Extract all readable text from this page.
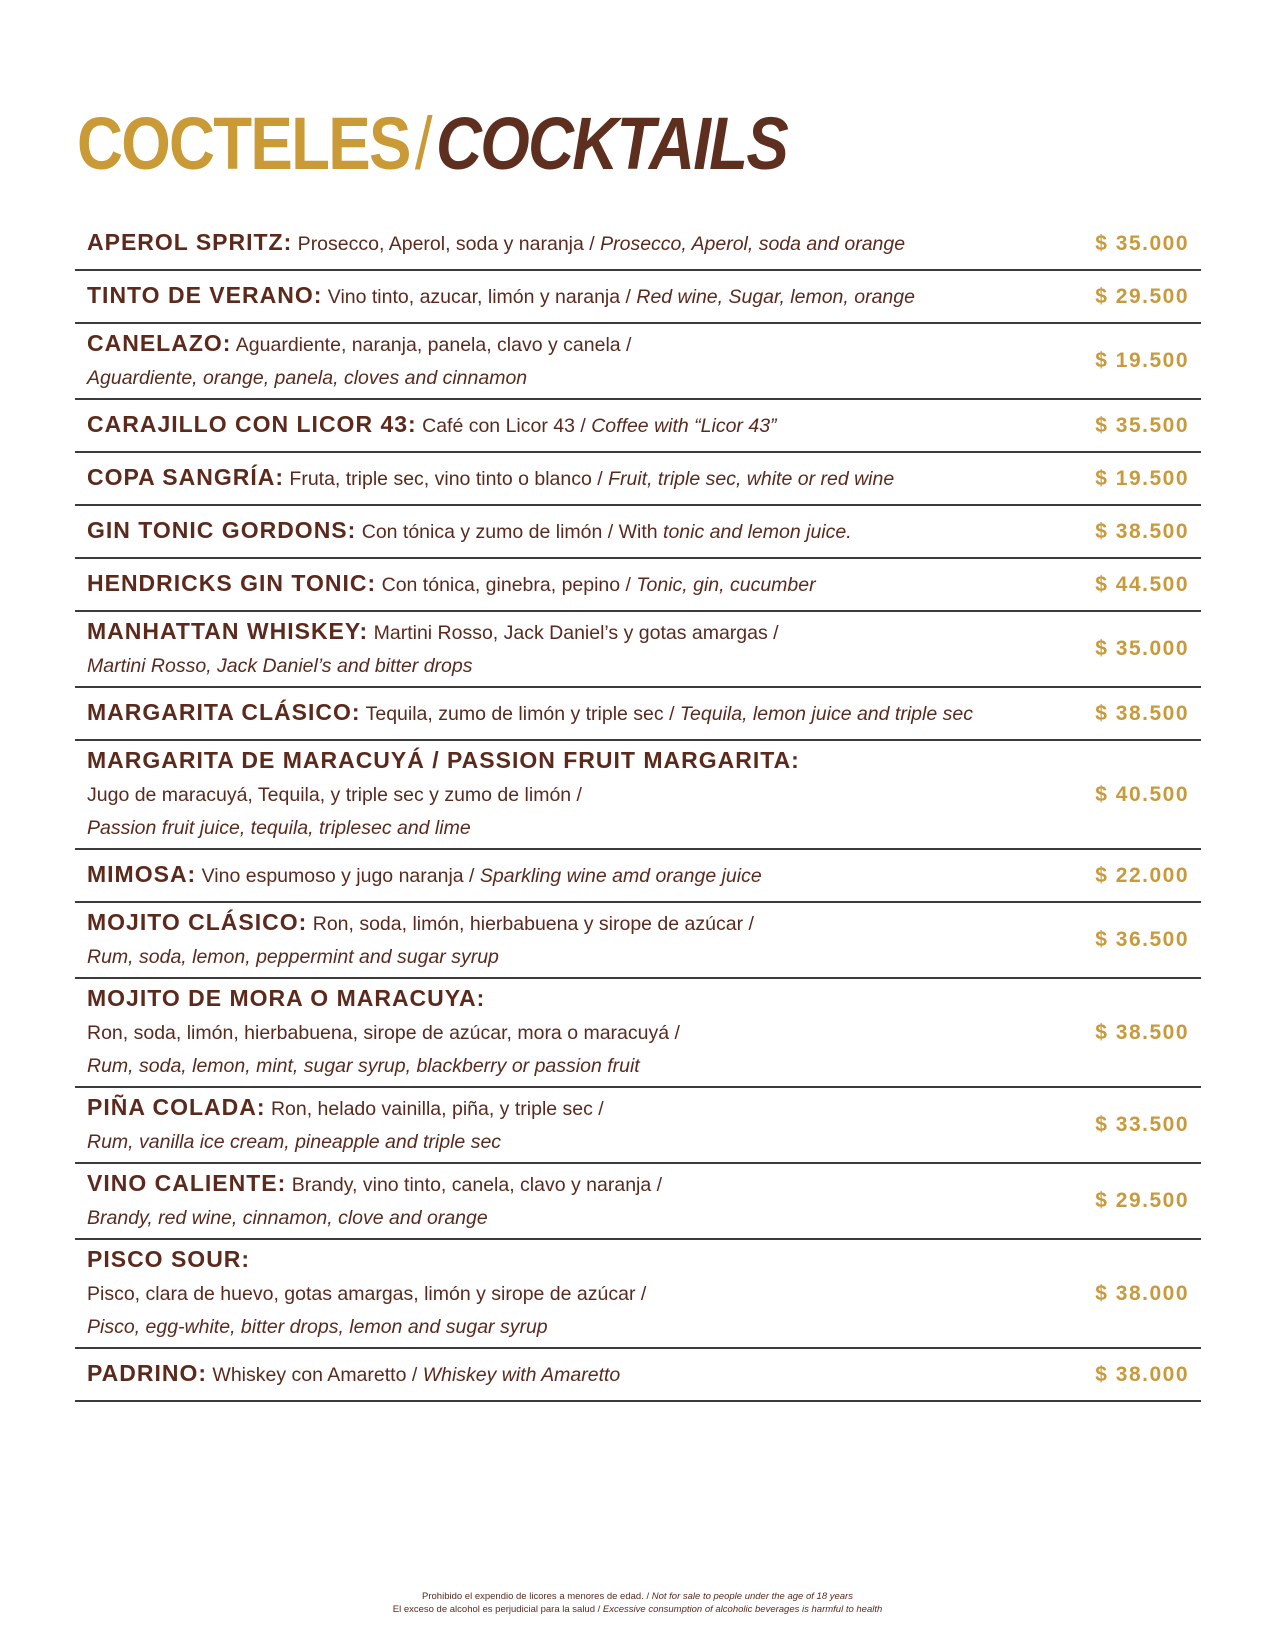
COCTELES/COCKTAILS
APEROL SPRITZ: Prosecco, Aperol, soda y naranja / Prosecco, Aperol, soda and orange	$ 35.000
TINTO DE VERANO: Vino tinto, azucar, limón y naranja / Red wine, Sugar, lemon, orange	$ 29.500
CANELAZO: Aguardiente, naranja, panela, clavo y canela /
Aguardiente, orange, panela, cloves and cinnamon
$ 19.500
CARAJILLO CON LICOR 43: Café con Licor 43 / Coffee with “Licor 43”	$ 35.500
COPA SANGRÍA: Fruta, triple sec, vino tinto o blanco / Fruit, triple sec, white or red wine	$ 19.500
GIN TONIC GORDONS: Con tónica y zumo de limón / With tonic and lemon juice.	$ 38.500
HENDRICKS GIN TONIC: Con tónica, ginebra, pepino / Tonic, gin, cucumber	$ 44.500
MANHATTAN WHISKEY: Martini Rosso, Jack Daniel’s y gotas amargas /
Martini Rosso, Jack Daniel’s and bitter drops
$ 35.000
MARGARITA CLÁSICO: Tequila, zumo de limón y triple sec / Tequila, lemon juice and triple sec	$ 38.500
MARGARITA DE MARACUYÁ / PASSION FRUIT MARGARITA:
Jugo de maracuyá, Tequila, y triple sec y zumo de limón /
Passion fruit juice, tequila, triplesec and lime
$ 40.500
MIMOSA: Vino espumoso y jugo naranja / Sparkling wine amd orange juice	$ 22.000
MOJITO CLÁSICO: Ron, soda, limón, hierbabuena y sirope de azúcar /
Rum, soda, lemon, peppermint and sugar syrup
$ 36.500
MOJITO DE MORA O MARACUYA:
Ron, soda, limón, hierbabuena, sirope de azúcar, mora o maracuyá /
Rum, soda, lemon, mint, sugar syrup, blackberry or passion fruit
$ 38.500
PIÑA COLADA: Ron, helado vainilla, piña, y triple sec /
Rum, vanilla ice cream, pineapple and triple sec
$ 33.500
VINO CALIENTE: Brandy, vino tinto, canela, clavo y naranja /
Brandy, red wine, cinnamon, clove and orange
$ 29.500
PISCO SOUR:
Pisco, clara de huevo, gotas amargas, limón y sirope de azúcar /
Pisco, egg-white, bitter drops, lemon and sugar syrup
$ 38.000
PADRINO: Whiskey con Amaretto / Whiskey with Amaretto	$ 38.000
Prohibido el expendio de licores a menores de edad. / Not for sale to people under the age of 18 years
El exceso de alcohol es perjudicial para la salud / Excessive consumption of alcoholic beverages is harmful to health
